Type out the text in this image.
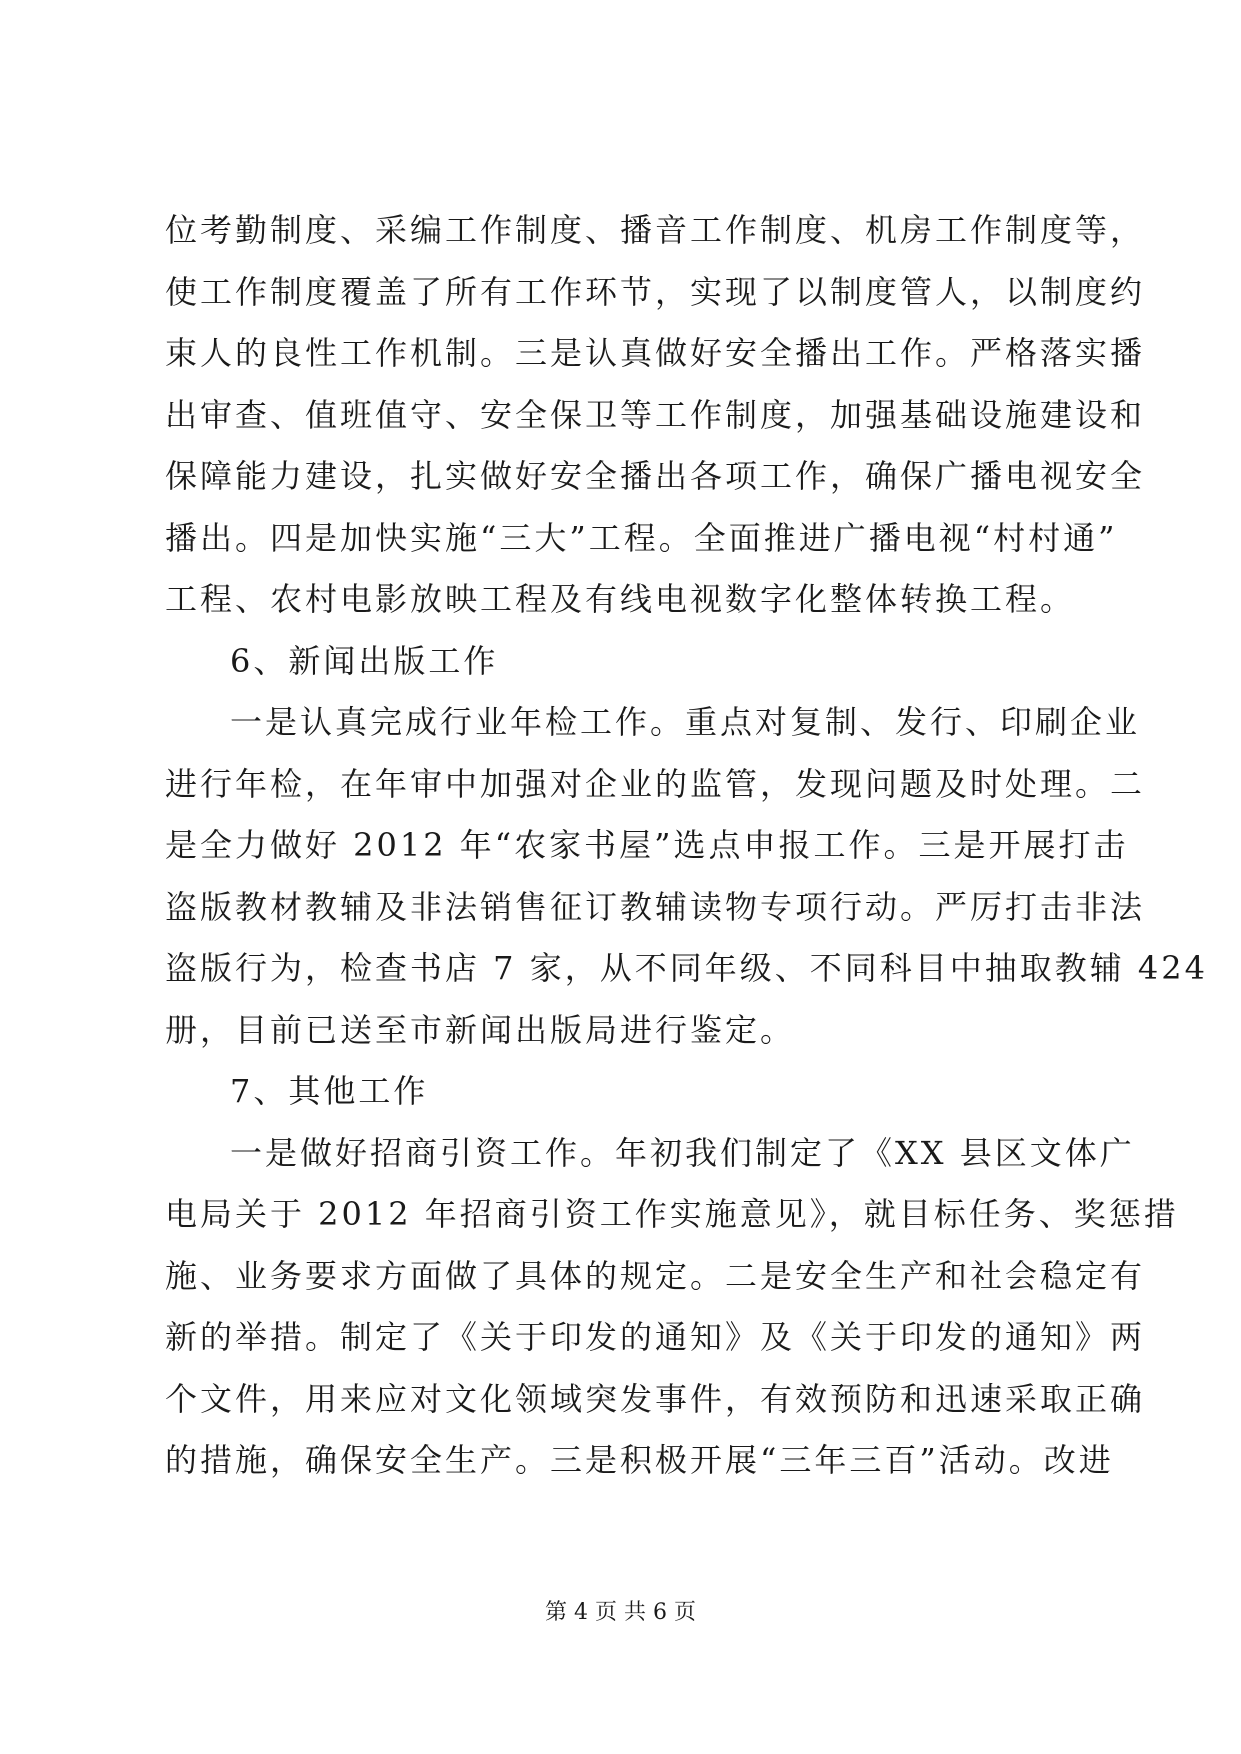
位考勤制度、采编工作制度、播音工作制度、机房工作制度等，
使工作制度覆盖了所有工作环节，实现了以制度管人，以制度约
束人的良性工作机制。三是认真做好安全播出工作。严格落实播
出审查、值班值守、安全保卫等工作制度，加强基础设施建设和
保障能力建设，扎实做好安全播出各项工作，确保广播电视安全
播出。四是加快实施“三大”工程。全面推进广播电视“村村通”
工程、农村电影放映工程及有线电视数字化整体转换工程。
6、新闻出版工作
一是认真完成行业年检工作。重点对复制、发行、印刷企业
进行年检，在年审中加强对企业的监管，发现问题及时处理。二
是全力做好 2012 年“农家书屋”选点申报工作。三是开展打击
盗版教材教辅及非法销售征订教辅读物专项行动。严厉打击非法
盗版行为，检查书店 7 家，从不同年级、不同科目中抽取教辅 424
册，目前已送至市新闻出版局进行鉴定。
7、其他工作
一是做好招商引资工作。年初我们制定了《XX 县区文体广
电局关于 2012 年招商引资工作实施意见》，就目标任务、奖惩措
施、业务要求方面做了具体的规定。二是安全生产和社会稳定有
新的举措。制定了《关于印发的通知》及《关于印发的通知》两
个文件，用来应对文化领域突发事件，有效预防和迅速采取正确
的措施，确保安全生产。三是积极开展“三年三百”活动。改进
第 4 页 共 6 页
